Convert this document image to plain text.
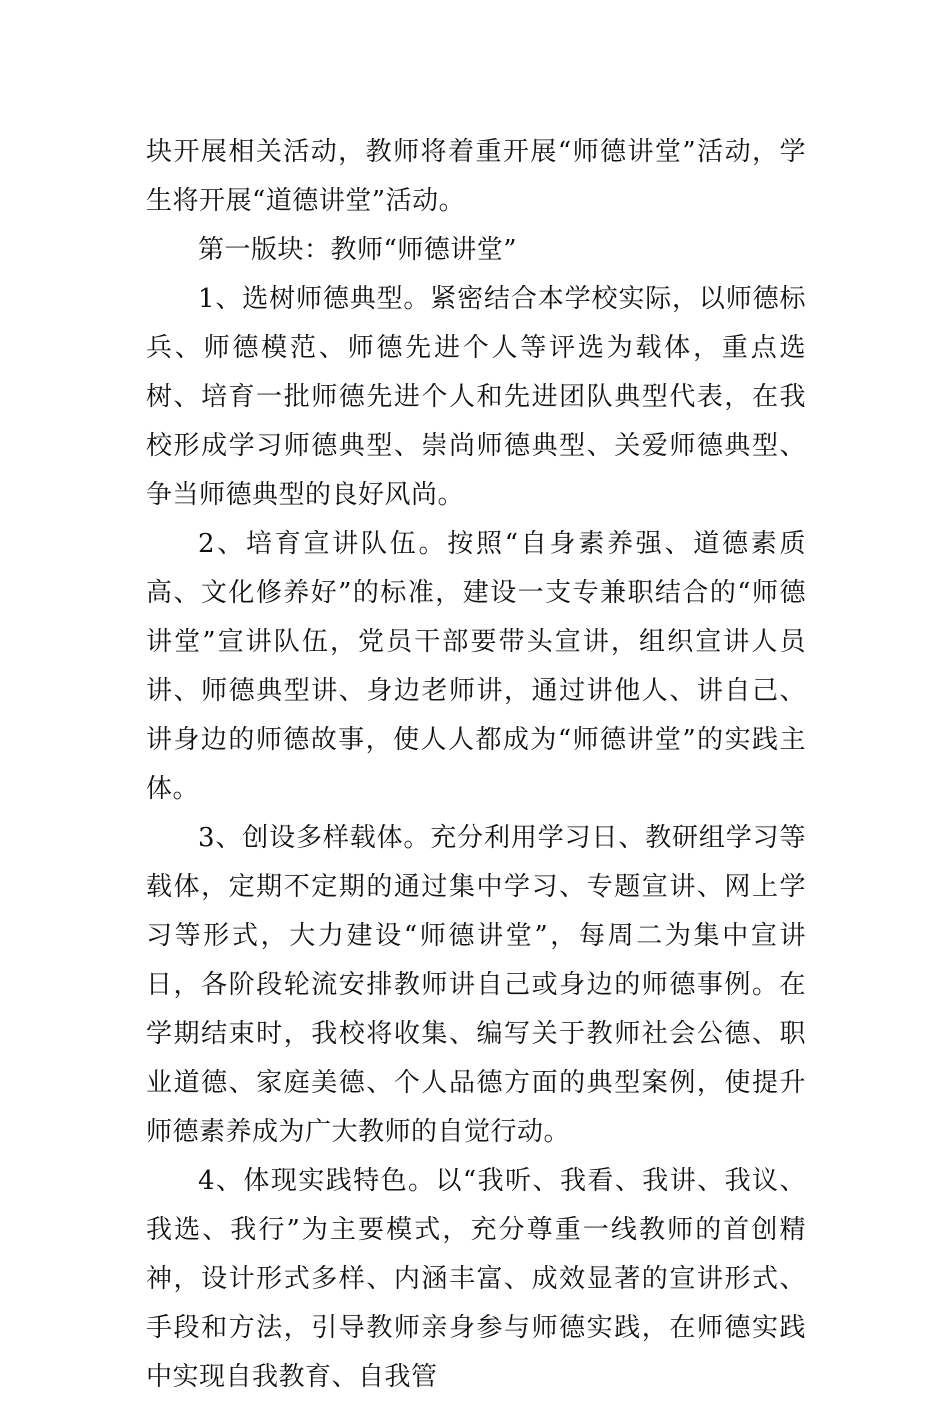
块开展相关活动，教师将着重开展“师德讲堂”活动，学生将开展“道德讲堂”活动。

第一版块：教师“师德讲堂”

1、选树师德典型。紧密结合本学校实际，以师德标兵、师德模范、师德先进个人等评选为载体，重点选树、培育一批师德先进个人和先进团队典型代表，在我校形成学习师德典型、崇尚师德典型、关爱师德典型、争当师德典型的良好风尚。

2、培育宣讲队伍。按照“自身素养强、道德素质高、文化修养好”的标准，建设一支专兼职结合的“师德讲堂”宣讲队伍，党员干部要带头宣讲，组织宣讲人员讲、师德典型讲、身边老师讲，通过讲他人、讲自己、讲身边的师德故事，使人人都成为“师德讲堂”的实践主体。

3、创设多样载体。充分利用学习日、教研组学习等载体，定期不定期的通过集中学习、专题宣讲、网上学习等形式，大力建设“师德讲堂”，每周二为集中宣讲日，各阶段轮流安排教师讲自己或身边的师德事例。在学期结束时，我校将收集、编写关于教师社会公德、职业道德、家庭美德、个人品德方面的典型案例，使提升师德素养成为广大教师的自觉行动。

4、体现实践特色。以“我听、我看、我讲、我议、我选、我行”为主要模式，充分尊重一线教师的首创精神，设计形式多样、内涵丰富、成效显著的宣讲形式、手段和方法，引导教师亲身参与师德实践，在师德实践中实现自我教育、自我管
